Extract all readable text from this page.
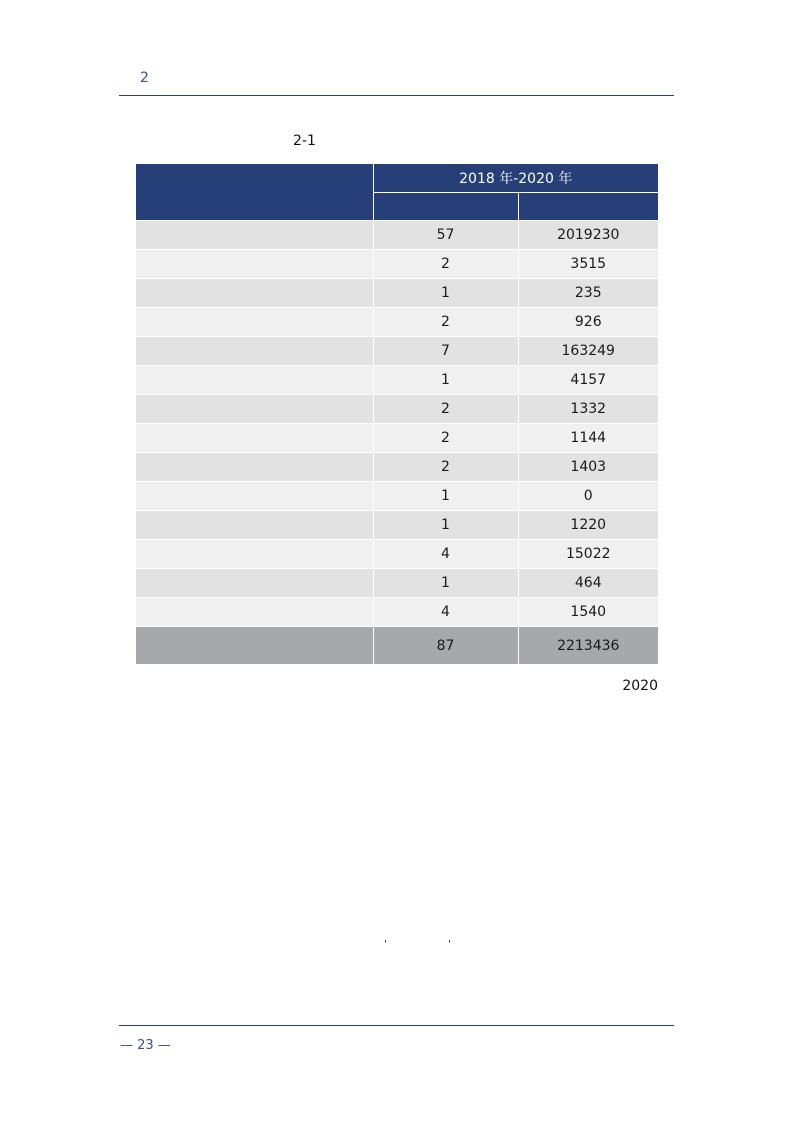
2
2-1
	2018 年-2020 年	

	57	2019230
	2	3515
	1	235
	2	926
	7	163249
	1	4157
	2	1332
	2	1144
	2	1403
	1	0
	1	1220
	4	15022
	1	464
	4	1540
	87	2213436
2020
‘	‘
— 23 —
